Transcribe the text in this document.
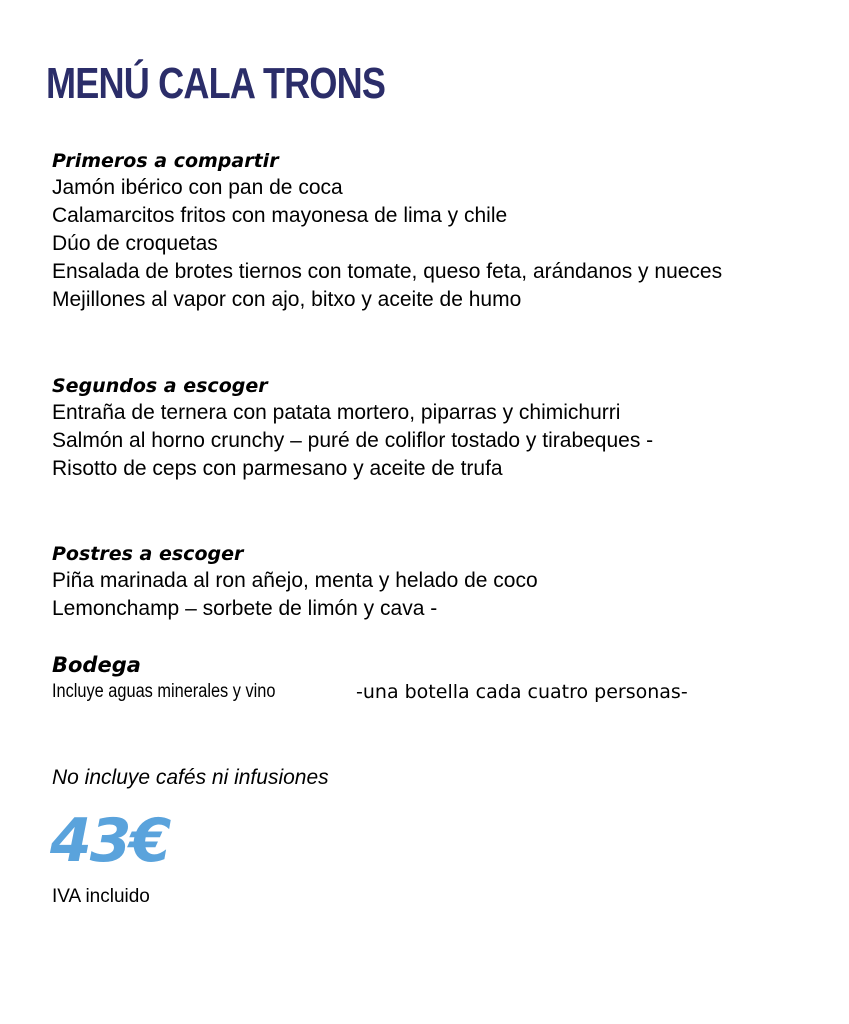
MENÚ CALA TRONS

Primeros a compartir

Jamón ibérico con pan de coca

Calamarcitos fritos con mayonesa de lima y chile

Dúo de croquetas

Ensalada de brotes tiernos con tomate, queso feta, arándanos y nueces

Mejillones al vapor con ajo, bitxo y aceite de humo

Segundos a escoger

Entraña de ternera con patata mortero, piparras y chimichurri

Salmón al horno crunchy – puré de coliflor tostado y tirabeques -

Risotto de ceps con parmesano y aceite de trufa

Postres a escoger

Piña marinada al ron añejo, menta y helado de coco

Lemonchamp – sorbete de limón y cava -

Bodega

Incluye aguas minerales y vino	-una botella cada cuatro personas-

No incluye cafés ni infusiones

43€

IVA incluido
